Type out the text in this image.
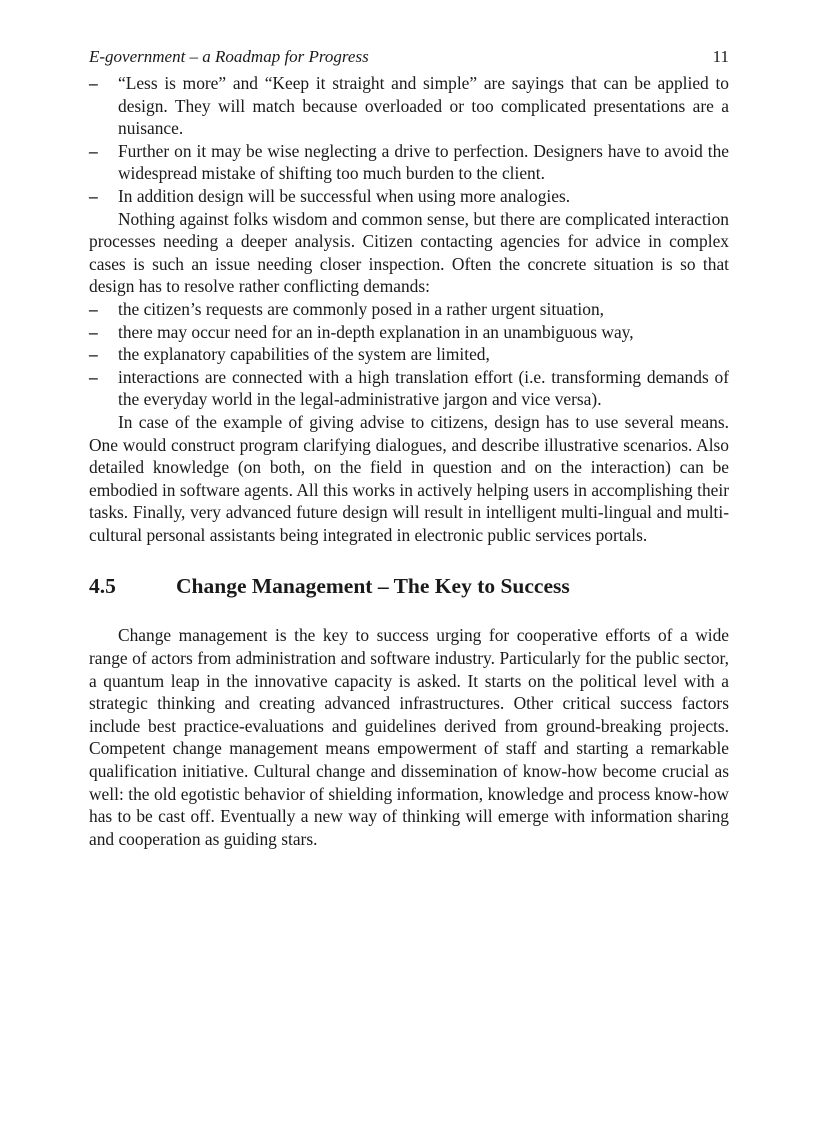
E-government – a Roadmap for Progress	11
– “Less is more” and “Keep it straight and simple” are sayings that can be applied to design. They will match because overloaded or too complicated presentations are a nuisance.
– Further on it may be wise neglecting a drive to perfection. Designers have to avoid the widespread mistake of shifting too much burden to the client.
– In addition design will be successful when using more analogies.

Nothing against folks wisdom and common sense, but there are complicated interaction processes needing a deeper analysis. Citizen contacting agencies for advice in complex cases is such an issue needing closer inspection. Often the concrete situation is so that design has to resolve rather conflicting demands:

– the citizen’s requests are commonly posed in a rather urgent situation,
– there may occur need for an in-depth explanation in an unambiguous way,
– the explanatory capabilities of the system are limited,
– interactions are connected with a high translation effort (i.e. transforming demands of the everyday world in the legal-administrative jargon and vice versa).

In case of the example of giving advise to citizens, design has to use several means. One would construct program clarifying dialogues, and describe illustrative scenarios. Also detailed knowledge (on both, on the field in question and on the interaction) can be embodied in software agents. All this works in actively helping users in accomplishing their tasks. Finally, very advanced future design will result in intelligent multi-lingual and multi-cultural personal assistants being integrated in electronic public services portals.

4.5	Change Management – The Key to Success

Change management is the key to success urging for cooperative efforts of a wide range of actors from administration and software industry. Particularly for the public sector, a quantum leap in the innovative capacity is asked. It starts on the political level with a strategic thinking and creating advanced infrastructures. Other critical success factors include best practice-evaluations and guidelines derived from ground-breaking projects. Competent change management means empowerment of staff and starting a remarkable qualification initiative. Cultural change and dissemination of know-how become crucial as well: the old egotistic behavior of shielding information, knowledge and process know-how has to be cast off. Eventually a new way of thinking will emerge with information sharing and cooperation as guiding stars.
